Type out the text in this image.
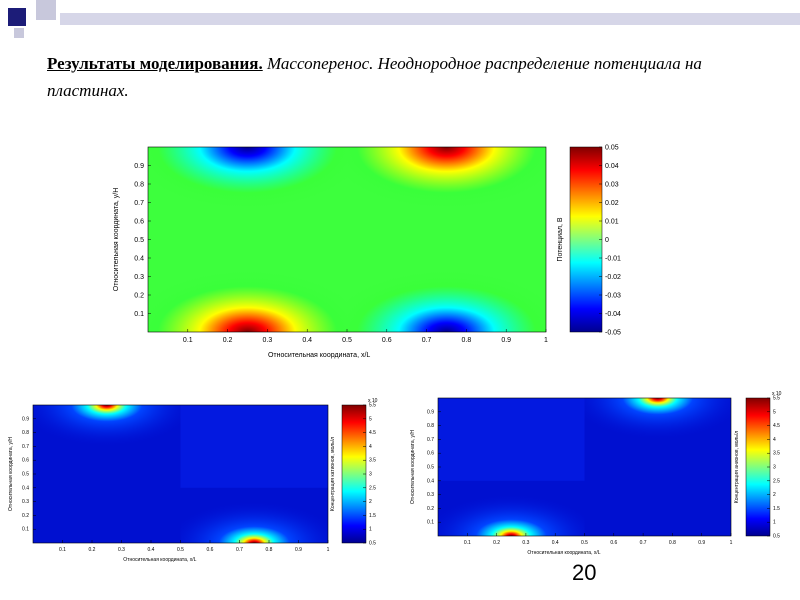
Результаты моделирования. Массоперенос. Неоднородное распределение потенциала на пластинах.
0.1	0.2	0.3	0.4	0.5	0.6	0.7	0.8	0.9	1
0.1
0.2
0.3
0.4
0.5
0.6
0.7
0.8
0.9
Относительная координата, x/L
Относительная координата, y/H
0.05
0.04
0.03
0.02
0.01
0
-0.01
-0.02
-0.03
-0.04
-0.05
Потенциал, В
0.1	0.2	0.3	0.4	0.5	0.6	0.7	0.8	0.9	1
0.1
0.2
0.3
0.4
0.5
0.6
0.7
0.8
0.9
Относительная координата, x/L
Относительная координата, y/H
5.5
5
4.5
4
3.5
3
2.5
2
1.5
1
0.5
Концентрация катионов, моль/л
x 10
0.1	0.2	0.3	0.4	0.5	0.6	0.7	0.8	0.9	1
0.1
0.2
0.3
0.4
0.5
0.6
0.7
0.8
0.9
Относительная координата, x/L
Относительная координата, y/H
5.5
5
4.5
4
3.5
3
2.5
2
1.5
1
0.5
Концентрация анионов, моль/л
x 10
20
